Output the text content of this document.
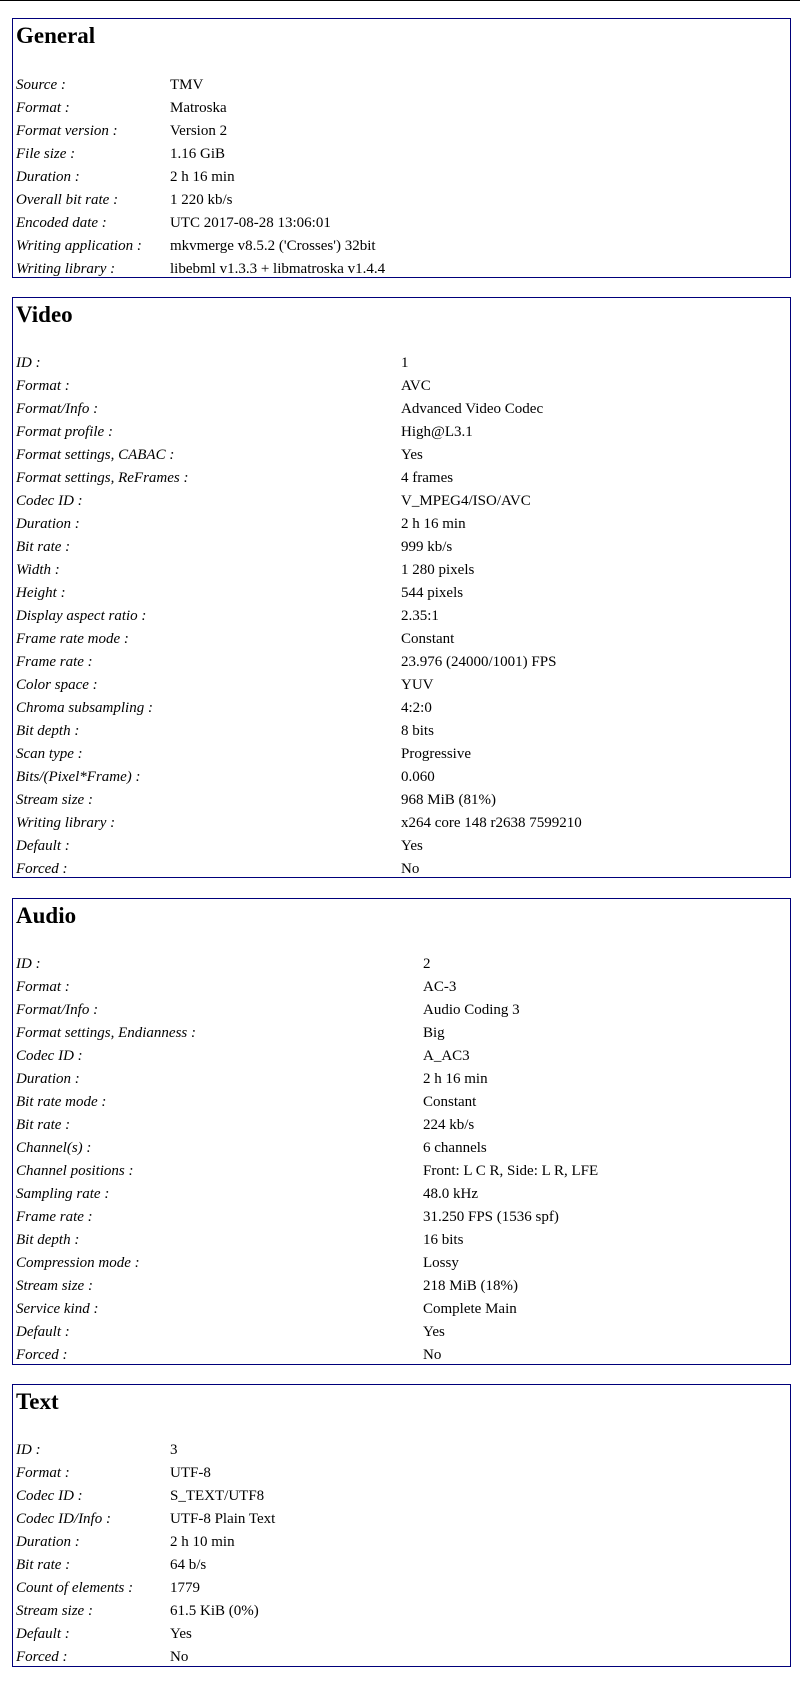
General
Source :	TMV
Format :	Matroska
Format version :	Version 2
File size :	1.16 GiB
Duration :	2 h 16 min
Overall bit rate :	1 220 kb/s
Encoded date :	UTC 2017-08-28 13:06:01
Writing application : mkvmerge v8.5.2 ('Crosses') 32bit
Writing library :	libebml v1.3.3 + libmatroska v1.4.4
Video
ID :	1
Format :	AVC
Format/Info :	Advanced Video Codec
Format profile :	High@L3.1
Format settings, CABAC :	Yes
Format settings, ReFrames :	4 frames
Codec ID :	V_MPEG4/ISO/AVC
Duration :	2 h 16 min
Bit rate :	999 kb/s
Width :	1 280 pixels
Height :	544 pixels
Display aspect ratio :	2.35:1
Frame rate mode :	Constant
Frame rate :	23.976 (24000/1001) FPS
Color space :	YUV
Chroma subsampling :	4:2:0
Bit depth :	8 bits
Scan type :	Progressive
Bits/(Pixel*Frame) :	0.060
Stream size :	968 MiB (81%)
Writing library :	x264 core 148 r2638 7599210
Default :	Yes
Forced :	No
Audio
ID :	2
Format :	AC-3
Format/Info :	Audio Coding 3
Format settings, Endianness :	Big
Codec ID :	A_AC3
Duration :	2 h 16 min
Bit rate mode :	Constant
Bit rate :	224 kb/s
Channel(s) :	6 channels
Channel positions :	Front: L C R, Side: L R, LFE
Sampling rate :	48.0 kHz
Frame rate :	31.250 FPS (1536 spf)
Bit depth :	16 bits
Compression mode :	Lossy
Stream size :	218 MiB (18%)
Service kind :	Complete Main
Default :	Yes
Forced :	No
Text
ID :	3
Format :	UTF-8
Codec ID :	S_TEXT/UTF8
Codec ID/Info :	UTF-8 Plain Text
Duration :	2 h 10 min
Bit rate :	64 b/s
Count of elements : 1779
Stream size :	61.5 KiB (0%)
Default :	Yes
Forced :	No
